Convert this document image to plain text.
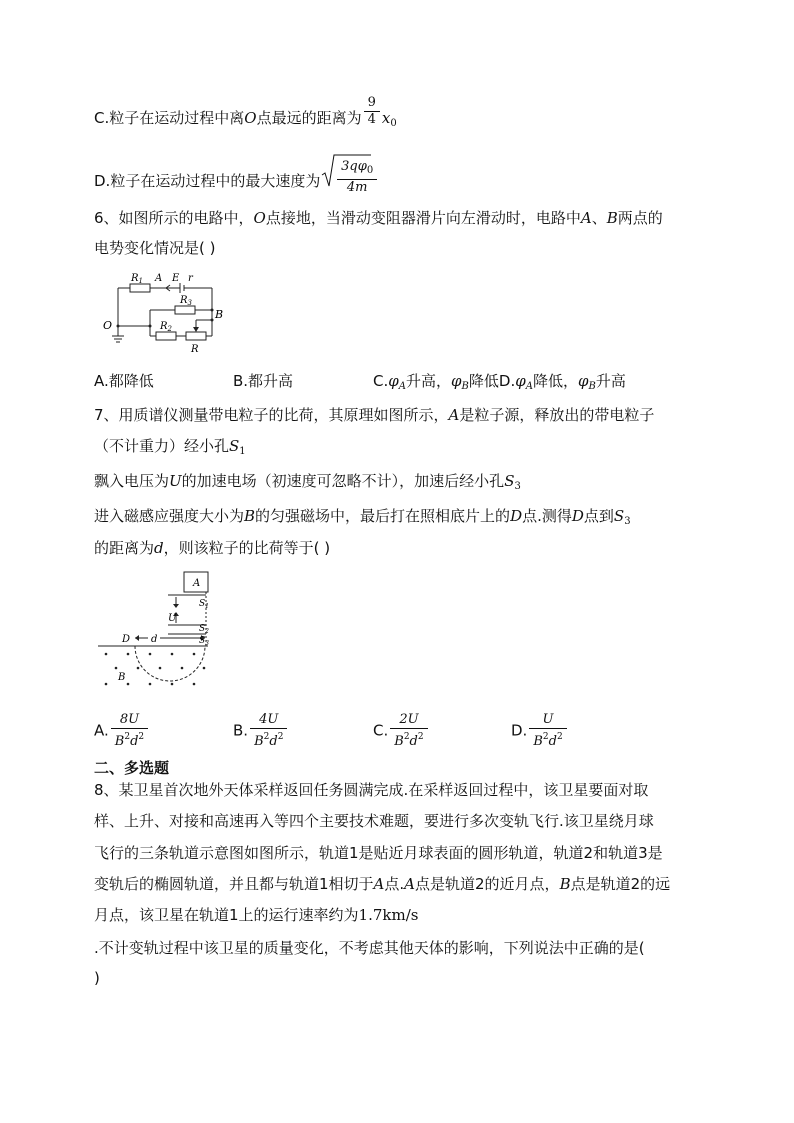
C.粒子在运动过程中离O点最远的距离为 $\frac{9}{4} x_0$
D.粒子在运动过程中的最大速度为 $\frac{3q\varphi_0}{4m}$
6、如图所示的电路中，O点接地，当滑动变阻器滑片向左滑动时，电路中A、B两点的
电势变化情况是( )
$R_1$ A E r
$R_3$
O
B
$R_2$
R
A.都降低	B.都升高	$C.\varphi_A$升高，$\varphi_B$降低$D.\varphi_A$降低，$\varphi_B$升高
7、用质谱仪测量带电粒子的比荷，其原理如图所示，A是粒子源，释放出的带电粒子
（不计重力）经小孔$S_1$
飘入电压为U的加速电场（初速度可忽略不计），加速后经小孔$S_3$
进入磁感应强度大小为B的匀强磁场中，最后打在照相底片上的D点.测得D点到$S_3$
的距离为d，则该粒子的比荷等于( )
A
$S_1$
U
$S_2$
$S_3$
D d
B
A. $\frac{8U}{B^2d^2}$	B. $\frac{4U}{B^2d^2}$	C. $\frac{2U}{B^2d^2}$	D. $\frac{U}{B^2d^2}$
二、多选题
8、某卫星首次地外天体采样返回任务圆满完成.在采样返回过程中，该卫星要面对取
样、上升、对接和高速再入等四个主要技术难题，要进行多次变轨飞行.该卫星绕月球
飞行的三条轨道示意图如图所示，轨道1是贴近月球表面的圆形轨道，轨道2和轨道3是
变轨后的椭圆轨道，并且都与轨道1相切于A点.A点是轨道2的近月点，B点是轨道2的远
月点，该卫星在轨道1上的运行速率约为1.7km/s
.不计变轨过程中该卫星的质量变化，不考虑其他天体的影响，下列说法中正确的是(
)
